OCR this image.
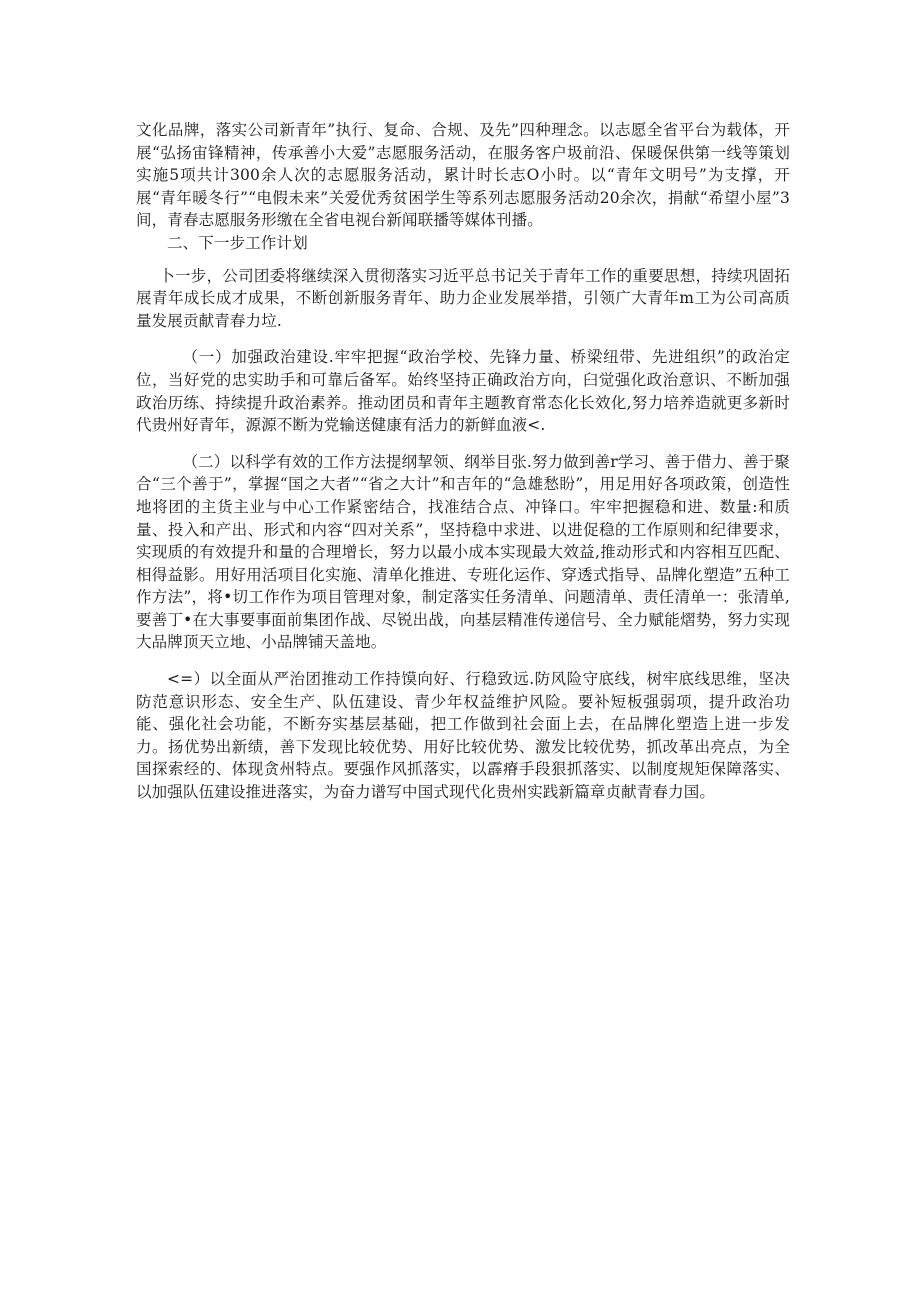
文化品牌，落实公司新青年”执行、复命、合规、及先”四种理念。以志愿全省平台为载体，开展“弘扬宙锋精神，传承善小大爱”志愿服务活动，在服务客户圾前沿、保暖保供第一线等策划实施5项共计300余人次的志愿服务活动，累计时长志O小时。以“青年文明号”为支撑，开展“青年暖冬行”“电假未来”关爱优秀贫困学生等系列志愿服务活动20余次，捐献“希望小屋”3间，青春志愿服务形缴在全省电视台新闻联播等媒体刊播。

二、下一步工作计划

卜一步，公司团委将继续深入贯彻落实习近平总书记关于青年工作的重要思想，持续巩固拓展青年成长成才成果，不断创新服务青年、助力企业发展举措，引领广大青年m工为公司高质量发展贡献青春力垃.

（一）加强政治建设.牢牢把握“政治学校、先锋力量、桥梁纽带、先进组织”的政治定位，当好党的忠实助手和可靠后备军。始终坚持正确政治方向，臼觉强化政治意识、不断加强政治历练、持续提升政治素养。推动团员和青年主题教育常态化长效化,努力培养造就更多新时代贵州好青年，源源不断为党输送健康有活力的新鲜血液<.

（二）以科学有效的工作方法提纲挈领、纲举目张.努力做到善r学习、善于借力、善于聚合“三个善于”，掌握“国之大者”“省之大计”和吉年的“急雄愁盼”，用足用好各项政策，创造性地将团的主货主业与中心工作紧密结合，找准结合点、冲锋口。牢牢把握稳和进、数量:和质量、投入和产出、形式和内容“四对关系”，坚持稳中求进、以进促稳的工作原则和纪律要求，实现质的有效提升和量的合理增长，努力以最小成本实现最大效益,推动形式和内容相互匹配、相得益影。用好用活项目化实施、清单化推进、专班化运作、穿透式指导、品牌化塑造”五种工作方法”，将•切工作作为项目管理对象，制定落实任务清单、问题清单、责任清单一：张清单,要善丁•在大事要事面前集团作战、尽锐出战，向基层精准传递信号、全力赋能熠势，努力实现大品牌顶天立地、小品牌铺天盖地。

<=）以全面从严治团推动工作持馍向好、行稳致远.防风险守底线，树牢底线思维，坚决防范意识形态、安全生产、队伍建设、青少年权益维护风险。要补短板强弱项，提升政治功能、强化社会功能，不断夯实基层基础，把工作做到社会面上去，在品牌化塑造上进一步发力。扬优势出新绩，善下发现比较优势、用好比较优势、激发比较优势，抓改革出亮点，为全国探索经的、体现贪州特点。要强作风抓落实，以霹瘠手段狠抓落实、以制度规矩保障落实、以加强队伍建设推进落实，为奋力谱写中国式现代化贵州实践新篇章贞献青春力国。
